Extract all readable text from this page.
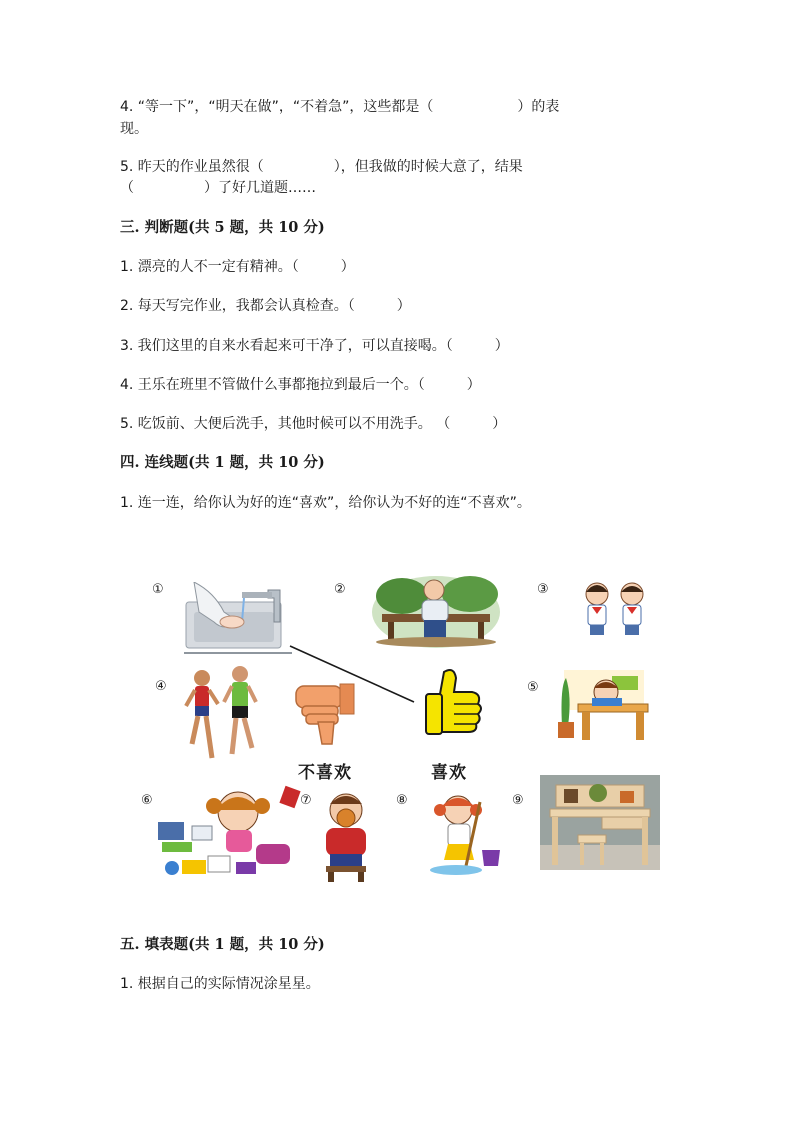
4. “等一下”，“明天在做”，“不着急”，这些都是（　　　　　　）的表
现。
5. 昨天的作业虽然很（　　　　　），但我做的时候大意了，结果
（　　　　　）了好几道题……
三. 判断题(共 5 题，共 10 分)
1. 漂亮的人不一定有精神。（　　　）
2. 每天写完作业，我都会认真检查。（　　　）
3. 我们这里的自来水看起来可干净了，可以直接喝。（　　　）
4. 王乐在班里不管做什么事都拖拉到最后一个。（　　　）
5. 吃饭前、大便后洗手，其他时候可以不用洗手。 （　　　）
四. 连线题(共 1 题，共 10 分)
1. 连一连，给你认为好的连“喜欢”，给你认为不好的连“不喜欢”。
①	②	③
④	⑤
⑥	⑦	⑧	⑨
不喜欢	喜欢
五. 填表题(共 1 题，共 10 分)
1. 根据自己的实际情况涂星星。
